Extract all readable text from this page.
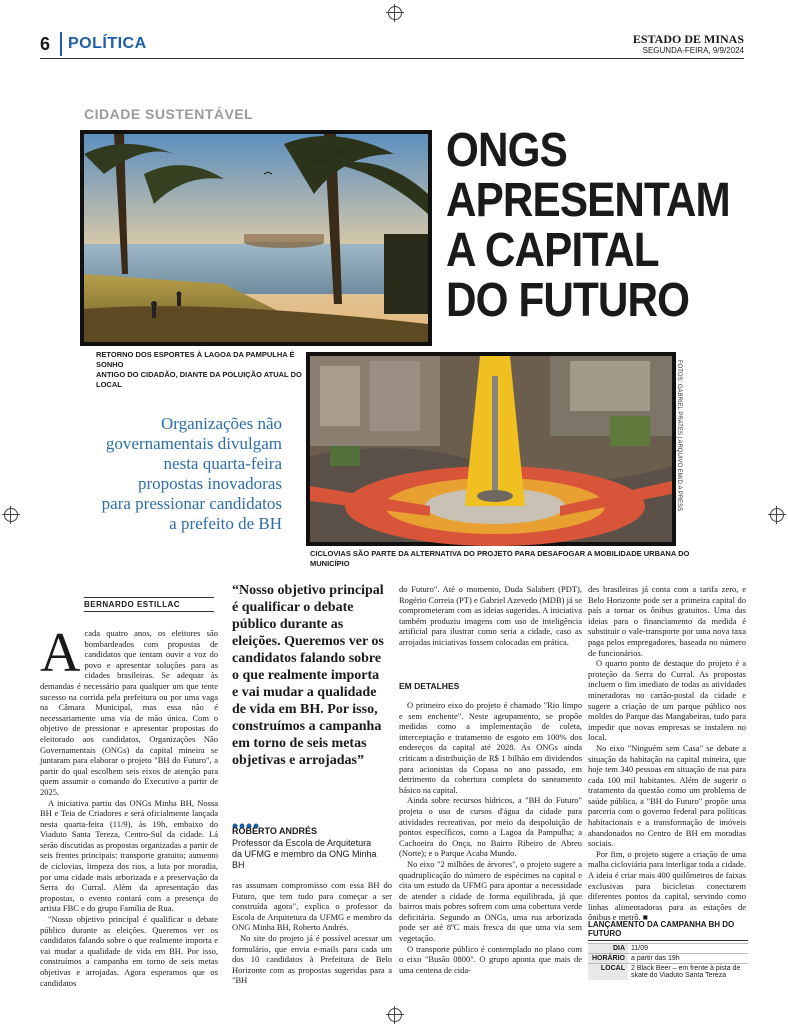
6 POLÍTICA	ESTADO DE MINAS
SEGUNDA-FEIRA, 9/9/2024
CIDADE SUSTENTÁVEL
ONGS
APRESENTAM
A CAPITAL
DO FUTURO
RETORNO DOS ESPORTES À LAGOA DA PAMPULHA É SONHO
ANTIGO DO CIDADÃO, DIANTE DA POLUIÇÃO ATUAL DO LOCAL	FOTOS: GABRIEL PRATES | ARQUIVO EM/D.A PRESS
CICLOVIAS SÃO PARTE DA ALTERNATIVA DO PROJETO PARA DESAFOGAR A MOBILIDADE URBANA DO MUNICÍPIO
Organizações não
governamentais divulgam
nesta quarta-feira
propostas inovadoras
para pressionar candidatos
a prefeito de BH
BERNARDO ESTILLAC

Acada quatro anos, os eleitores são bombardeados com propostas de candidatos que tentam ouvir a voz do povo e apresentar soluções para as cidades brasileiras. Se adequar às demandas é necessário para qualquer um que tente sucesso na corrida pela prefeitura ou por uma vaga na Câmara Municipal, mas essa não é necessariamente uma via de mão única. Com o objetivo de pressionar e apresentar propostas do eleitorado aos candidatos, Organizações Não Governamentais (ONGs) da capital mineira se juntaram para elaborar o projeto "BH do Futuro", a partir do qual escolhem seis eixos de atenção para quem assumir o comando do Executivo a partir de 2025.

A iniciativa partiu das ONGs Minha BH, Nossa BH e Teia de Criadores e será oficialmente lançada nesta quarta-feira (11/9), às 19h, embaixo do Viaduto Santa Tereza, Centro-Sul da cidade. Lá serão discutidas as propostas organizadas a partir de seis frentes principais: transporte gratuito; aumento de ciclovias, limpeza dos rios, a luta por moradia, por uma cidade mais arborizada e a preservação da Serra do Curral. Além da apresentação das propostas, o evento contará com a presença do artista FBC e do grupo Família de Rua.

"Nosso objetivo principal é qualificar o debate público durante as eleições. Queremos ver os candidatos falando sobre o que realmente importa e vai mudar a qualidade de vida em BH. Por isso, construímos a campanha em torno de seis metas objetivas e arrojadas. Agora esperamos que os candidatos

“Nosso objetivo principal é qualificar o debate público durante as eleições. Queremos ver os candidatos falando sobre o que realmente importa e vai mudar a qualidade de vida em BH. Por isso, construímos a campanha em torno de seis metas objetivas e arrojadas”
ROBERTO ANDRÉS
Professor da Escola de Arquitetura da UFMG e membro da ONG Minha BH

ras assumam compromisso com essa BH do Futuro, que tem tudo para começar a ser construída agora", explica o professor da Escola de Arquitetura da UFMG e membro da ONG Minha BH, Roberto Andrés.

No site do projeto já é possível acessar um formulário, que envia e-mails para cada um dos 10 candidatos à Prefeitura de Belo Horizonte com as propostas sugeridas para a "BH

do Futuro". Até o momento, Duda Salabert (PDT), Rogério Correia (PT) e Gabriel Azevedo (MDB) já se comprometeram com as ideias sugeridas. A iniciativa também produziu imagens com uso de inteligência artificial para ilustrar como seria a cidade, caso as arrojadas iniciativas fossem colocadas em prática.

EM DETALHES

O primeiro eixo do projeto é chamado "Rio limpo e sem enchente". Neste agrupamento, se propõe medidas como a implementação de coleta, interceptação e tratamento de esgoto em 100% dos endereços da capital até 2028. As ONGs ainda criticam a distribuição de R$ 1 bilhão em dividendos para acionistas da Copasa no ano passado, em detrimento da cobertura completa do saneamento básico na capital.

Ainda sobre recursos hídricos, a "BH do Futuro" projeta o uso de cursos d'água da cidade para atividades recreativas, por meio da despoluição de pontos específicos, como a Lagoa da Pampulha; a Cachoeira do Onça, no Bairro Ribeiro de Abreu (Norte); e o Parque Acaba Mundo.

No eixo "2 milhões de árvores", o projeto sugere a quadruplicação do número de espécimes na capital e cita um estudo da UFMG para apontar a necessidade de atender a cidade de forma equilibrada, já que bairros mais pobres sofrem com uma cobertura verde deficitária. Segundo as ONGs, uma rua arborizada pode ser até 8ºC mais fresca do que uma via sem vegetação.

O transporte público é contemplado no plano com o eixo "Busão 0800". O grupo aponta que mais de uma centena de cida-

des brasileiras já conta com a tarifa zero, e Belo Horizonte pode ser a primeira capital do país a tornar os ônibus gratuitos. Uma das ideias para o financiamento da medida é substituir o vale-transporte por uma nova taxa paga pelos empregadores, baseada no número de funcionários.

O quarto ponto de destaque do projeto é a proteção da Serra do Curral. As propostas incluem o fim imediato de todas as atividades mineradoras no cartão-postal da cidade e sugere a criação de um parque público nos moldes do Parque das Mangabeiras, tudo para impedir que novas empresas se instalem no local.

No eixo "Ninguém sem Casa" se debate a situação da habitação na capital mineira, que hoje tem 340 pessoas em situação de rua para cada 100 mil habitantes. Além de sugerir o tratamento da questão como um problema de saúde pública, a "BH do Futuro" propõe uma parceria com o governo federal para políticas habitacionais e a transformação de imóveis abandonados no Centro de BH em moradias sociais.

Por fim, o projeto sugere a criação de uma malha cicloviária para interligar toda a cidade. A ideia é criar mais 400 quilômetros de faixas exclusivas para bicicletas conectarem diferentes pontos da capital, servindo como linhas alimentadoras para as estações de ônibus e metrô. ■

LANÇAMENTO DA CAMPANHA BH DO FUTURO
DIA	11/09
HORÁRIO	a partir das 19h
LOCAL	2 Black Beer – em frente à pista de skate do Viaduto Santa Tereza
